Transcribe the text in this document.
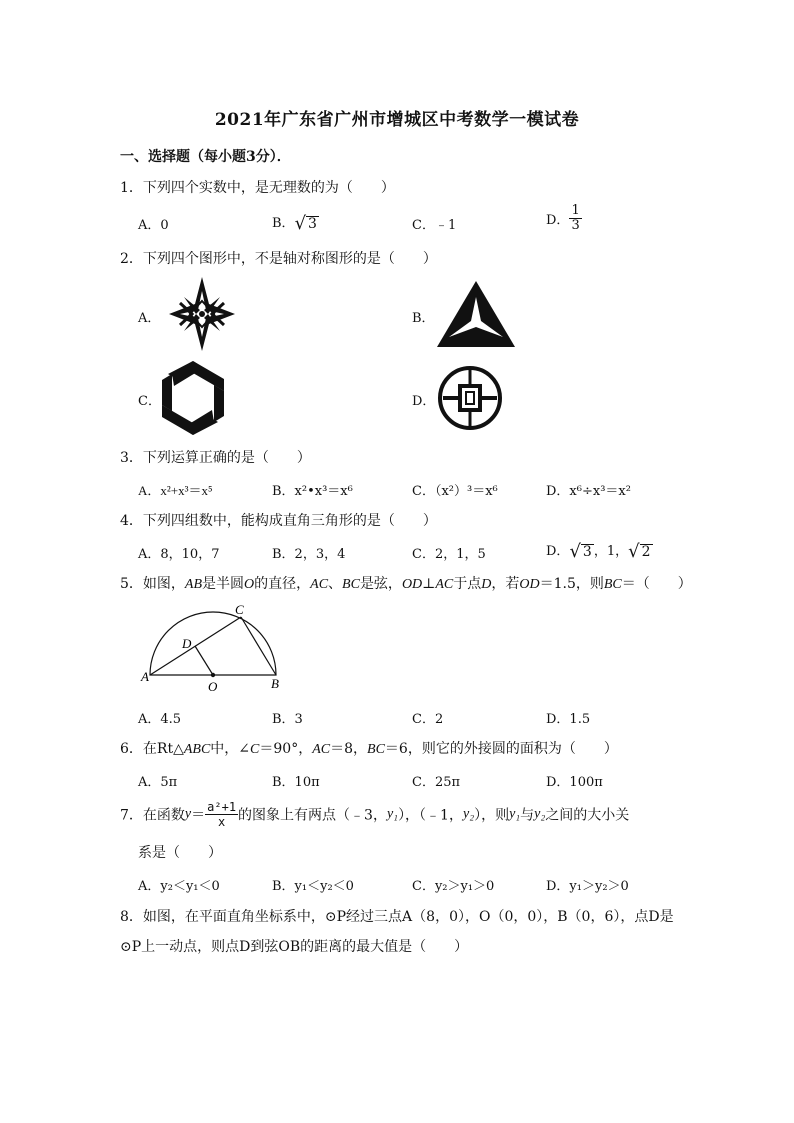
2021年广东省广州市增城区中考数学一模试卷
一、选择题（每小题3分）．
1．下列四个实数中，是无理数的为（　　）
A．0	B． √ 3	C．﹣1	D． $\frac{1}{3}$
2．下列四个图形中，不是轴对称图形的是（　　）
A．	B．
C．	D．
3．下列运算正确的是（　　）
A．x²+x³＝x⁵	B．x²•x³＝x⁶	C．（x²）³＝x⁶	D．x⁶÷x³＝x²
4．下列四组数中，能构成直角三角形的是（　　）
A．8，10，7	B．2，3，4	C．2，1，5	D． √ 3 ，1， √ 2
5．如图，AB是半圆O的直径，AC、BC是弦，OD⊥AC于点D，若OD＝1.5，则BC＝（　　）
A	B
C
D
O
A．4.5	B．3	C．2	D．1.5
6．在Rt△ABC中，∠C＝90°，AC＝8，BC＝6，则它的外接圆的面积为（　　）
A．5π	B．10π	C．25π	D．100π
7．在函数$y= \frac{\text{a²+1}}{x}$ 的图象上有两点（﹣3，y₁），（﹣1，y₂），则y₁与y₂之间的大小关
系是（　　）
A．y₂＜y₁＜0	B．y₁＜y₂＜0	C．y₂＞y₁＞0	D．y₁＞y₂＞0
8．如图，在平面直角坐标系中，⊙P经过三点A（8，0），O（0，0），B（0，6），点D是
⊙P上一动点，则点D到弦OB的距离的最大值是（　　）
